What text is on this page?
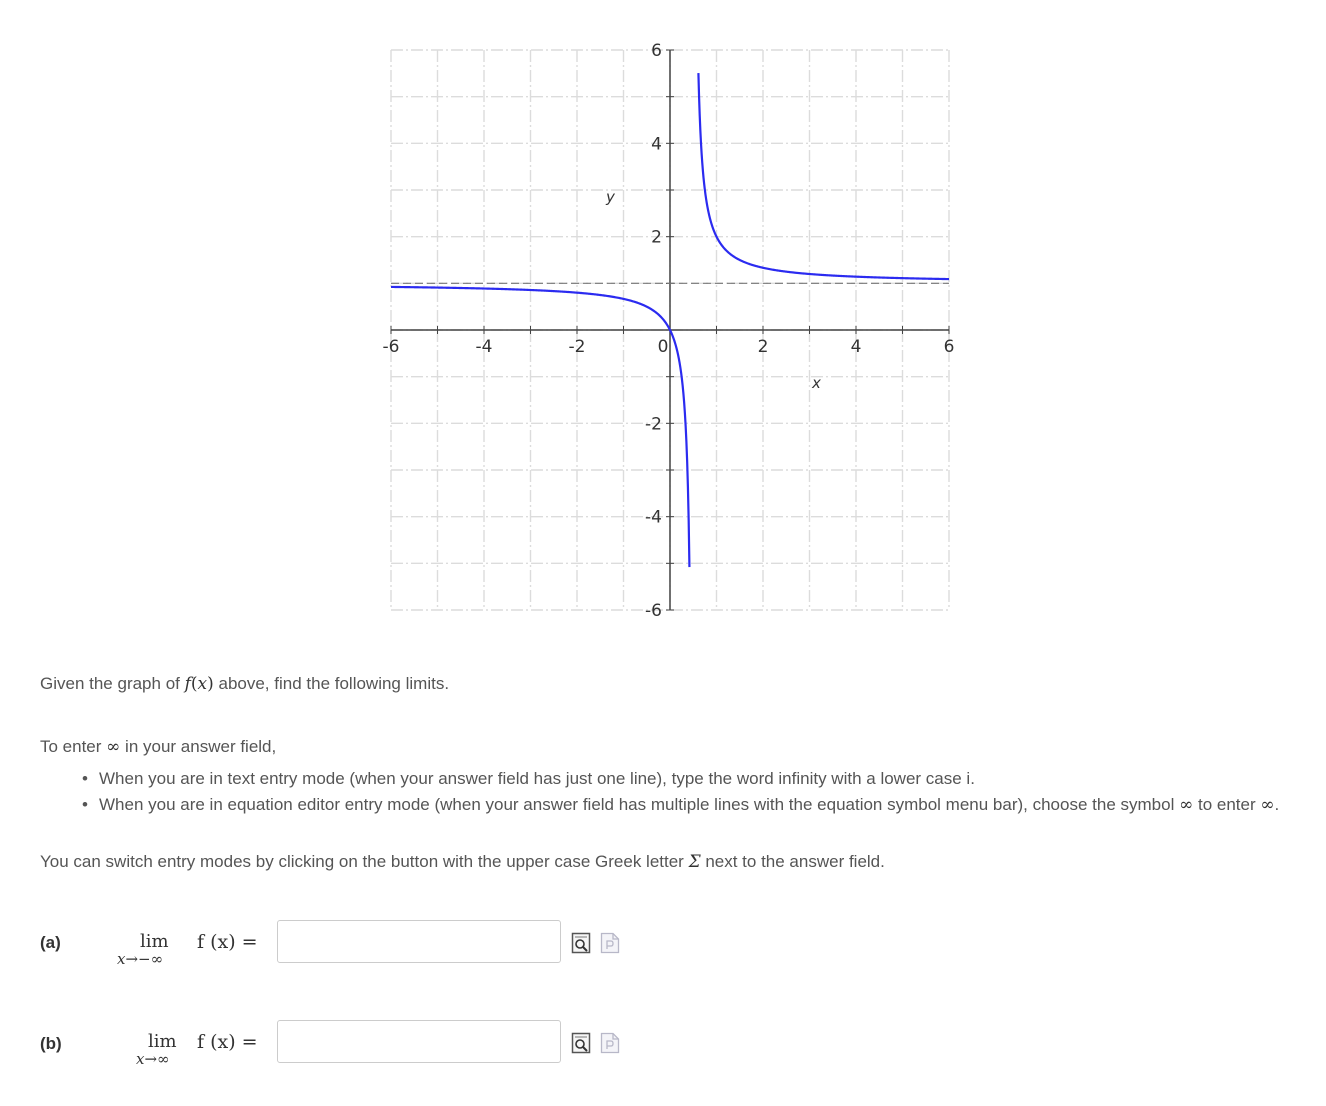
-6	-4	-2	0	2	4	6
6
4
2
-2
-4
-6
x
y

Given the graph of f(x) above, find the following limits.

To enter ∞ in your answer field,

• When you are in text entry mode (when your answer field has just one line), type the word infinity with a lower case i.
• When you are in equation editor entry mode (when your answer field has multiple lines with the equation symbol menu bar), choose the symbol ∞ to enter ∞.

You can switch entry modes by clicking on the button with the upper case Greek letter Σ next to the answer field.

(a)	lim
x→−∞
f (x) =
(b)	lim
x→∞
f (x) =
